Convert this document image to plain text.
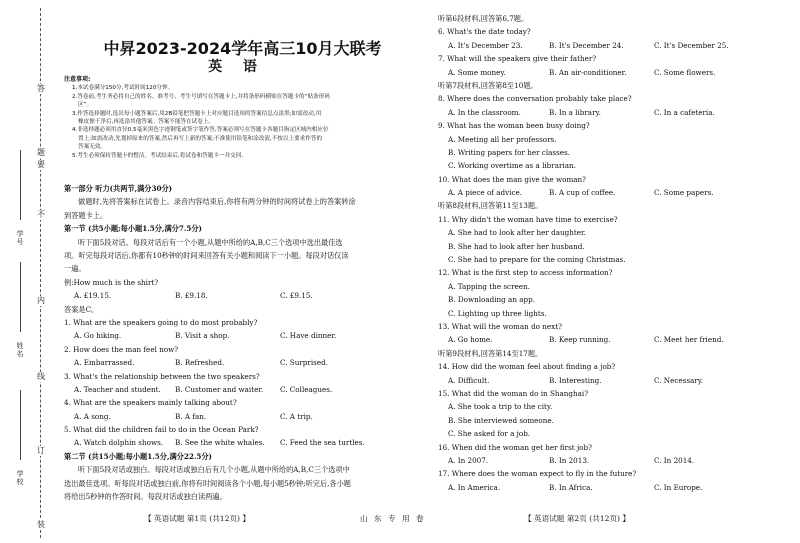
答
题
不
要
内
线
订
装
学号
姓名
学校
中昇2023-2024学年高三10月大联考
英 语
注意事项:
1.本试卷满分150分,考试时间120分钟。
2.答卷前,考生务必将自己的姓名、准考号、考生号填写在答题卡上,并将条形码横贴在答题卡的“贴条形码
区”。
3.作答选择题时,选出每小题答案后,用2B铅笔把答题卡上对应题目选项的答案信息点涂黑;如需改动,用
橡皮擦干净后,再选涂其他答案。答案不能答在试卷上。
4.非选择题必须用直径0.5毫米黑色字迹钢笔或签字笔作答,答案必须写在答题卡各题目指定区域内相应位
置上;如需改动,先划掉原来的答案,然后再写上新的答案;不准使用铅笔和涂改液,不按以上要求作答的
答案无效。
5.考生必须保持答题卡的整洁。考试结束后,将试卷和答题卡一并交回。
第一部分 听力(共两节,满分30分)
做题时,先将答案标在试卷上。录音内容结束后,你将有两分钟的时间将试卷上的答案转涂
到答题卡上。
第一节 (共5小题;每小题1.5分,满分7.5分)
听下面5段对话。每段对话后有一个小题,从题中所给的A,B,C三个选项中选出最佳选
项。听完每段对话后,你都有10秒钟的时间来回答有关小题和阅读下一小题。每段对话仅读
一遍。
例:How much is the shirt?
A. £19.15.	B. £9.18.	C. £9.15.
答案是C。
1. What are the speakers going to do most probably?
A. Go hiking.	B. Visit a shop.	C. Have dinner.
2. How does the man feel now?
A. Embarrassed.	B. Refreshed.	C. Surprised.
3. What's the relationship between the two speakers?
A. Teacher and student.	B. Customer and waiter.	C. Colleagues.
4. What are the speakers mainly talking about?
A. A song.	B. A fan.	C. A trip.
5. What did the children fail to do in the Ocean Park?
A. Watch dolphin shows.	B. See the white whales.	C. Feed the sea turtles.
第二节 (共15小题;每小题1.5分,满分22.5分)
听下面5段对话或独白。每段对话或独白后有几个小题,从题中所给的A,B,C三个选项中
选出最佳选项。听每段对话或独白前,你将有时间阅读各个小题,每小题5秒钟;听完后,各小题
将给出5秒钟的作答时间。每段对话或独白读两遍。
【 英语试题 第1页 (共12页) 】	山 东 专 用 卷
听第6段材料,回答第6,7题。
6. What's the date today?
A. It's December 23.	B. It's December 24.	C. It's December 25.
7. What will the speakers give their father?
A. Some money.	B. An air-conditioner.	C. Some flowers.
听第7段材料,回答第8至10题。
8. Where does the conversation probably take place?
A. In the classroom.	B. In a library.	C. In a cafeteria.
9. What has the woman been busy doing?
A. Meeting all her professors.
B. Writing papers for her classes.
C. Working overtime as a librarian.
10. What does the man give the woman?
A. A piece of advice.	B. A cup of coffee.	C. Some papers.
听第8段材料,回答第11至13题。
11. Why didn't the woman have time to exercise?
A. She had to look after her daughter.
B. She had to look after her husband.
C. She had to prepare for the coming Christmas.
12. What is the first step to access information?
A. Tapping the screen.
B. Downloading an app.
C. Lighting up three lights.
13. What will the woman do next?
A. Go home.	B. Keep running.	C. Meet her friend.
听第9段材料,回答第14至17题。
14. How did the woman feel about finding a job?
A. Difficult.	B. Interesting.	C. Necessary.
15. What did the woman do in Shanghai?
A. She took a trip to the city.
B. She interviewed someone.
C. She asked for a job.
16. When did the woman get her first job?
A. In 2007.	B. In 2013.	C. In 2014.
17. Where does the woman expect to fly in the future?
A. In America.	B. In Africa.	C. In Europe.
【 英语试题 第2页 (共12页) 】
